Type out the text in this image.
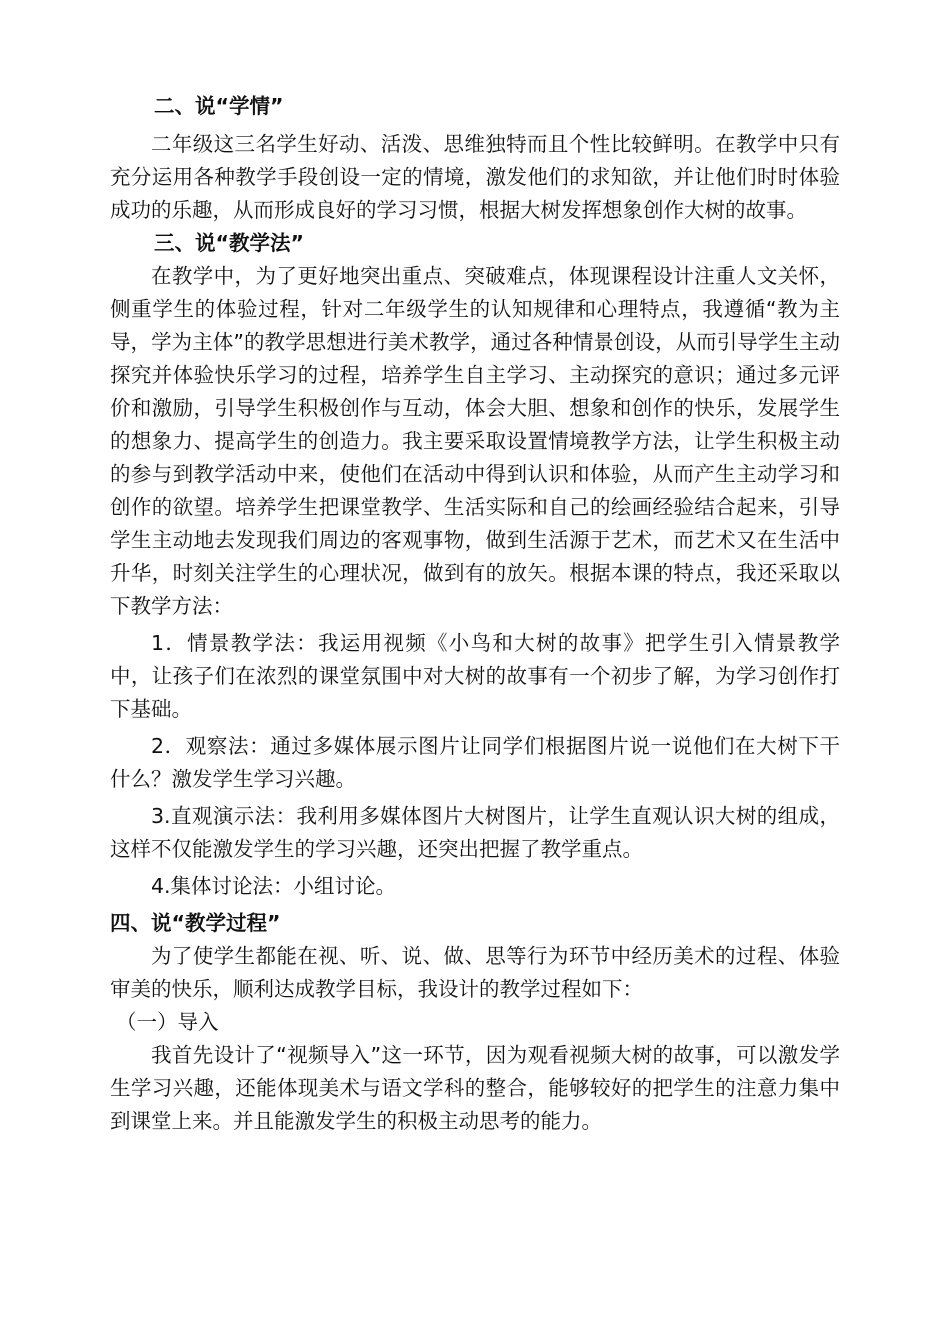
二、说“学情”

二年级这三名学生好动、活泼、思维独特而且个性比较鲜明。在教学中只有充分运用各种教学手段创设一定的情境，激发他们的求知欲，并让他们时时体验成功的乐趣，从而形成良好的学习习惯，根据大树发挥想象创作大树的故事。

三、说“教学法”

在教学中，为了更好地突出重点、突破难点，体现课程设计注重人文关怀，侧重学生的体验过程，针对二年级学生的认知规律和心理特点，我遵循“教为主导，学为主体”的教学思想进行美术教学，通过各种情景创设，从而引导学生主动探究并体验快乐学习的过程，培养学生自主学习、主动探究的意识；通过多元评价和激励，引导学生积极创作与互动，体会大胆、想象和创作的快乐，发展学生的想象力、提高学生的创造力。我主要采取设置情境教学方法，让学生积极主动的参与到教学活动中来，使他们在活动中得到认识和体验，从而产生主动学习和创作的欲望。培养学生把课堂教学、生活实际和自己的绘画经验结合起来，引导学生主动地去发现我们周边的客观事物，做到生活源于艺术，而艺术又在生活中升华，时刻关注学生的心理状况，做到有的放矢。根据本课的特点，我还采取以下教学方法：

1．情景教学法：我运用视频《小鸟和大树的故事》把学生引入情景教学中，让孩子们在浓烈的课堂氛围中对大树的故事有一个初步了解，为学习创作打下基础。

2．观察法：通过多媒体展示图片让同学们根据图片说一说他们在大树下干什么？激发学生学习兴趣。

3.直观演示法：我利用多媒体图片大树图片，让学生直观认识大树的组成，这样不仅能激发学生的学习兴趣，还突出把握了教学重点。

4.集体讨论法：小组讨论。

四、说“教学过程”

为了使学生都能在视、听、说、做、思等行为环节中经历美术的过程、体验审美的快乐，顺利达成教学目标，我设计的教学过程如下：

（一）导入

我首先设计了“视频导入”这一环节，因为观看视频大树的故事，可以激发学生学习兴趣，还能体现美术与语文学科的整合，能够较好的把学生的注意力集中到课堂上来。并且能激发学生的积极主动思考的能力。
